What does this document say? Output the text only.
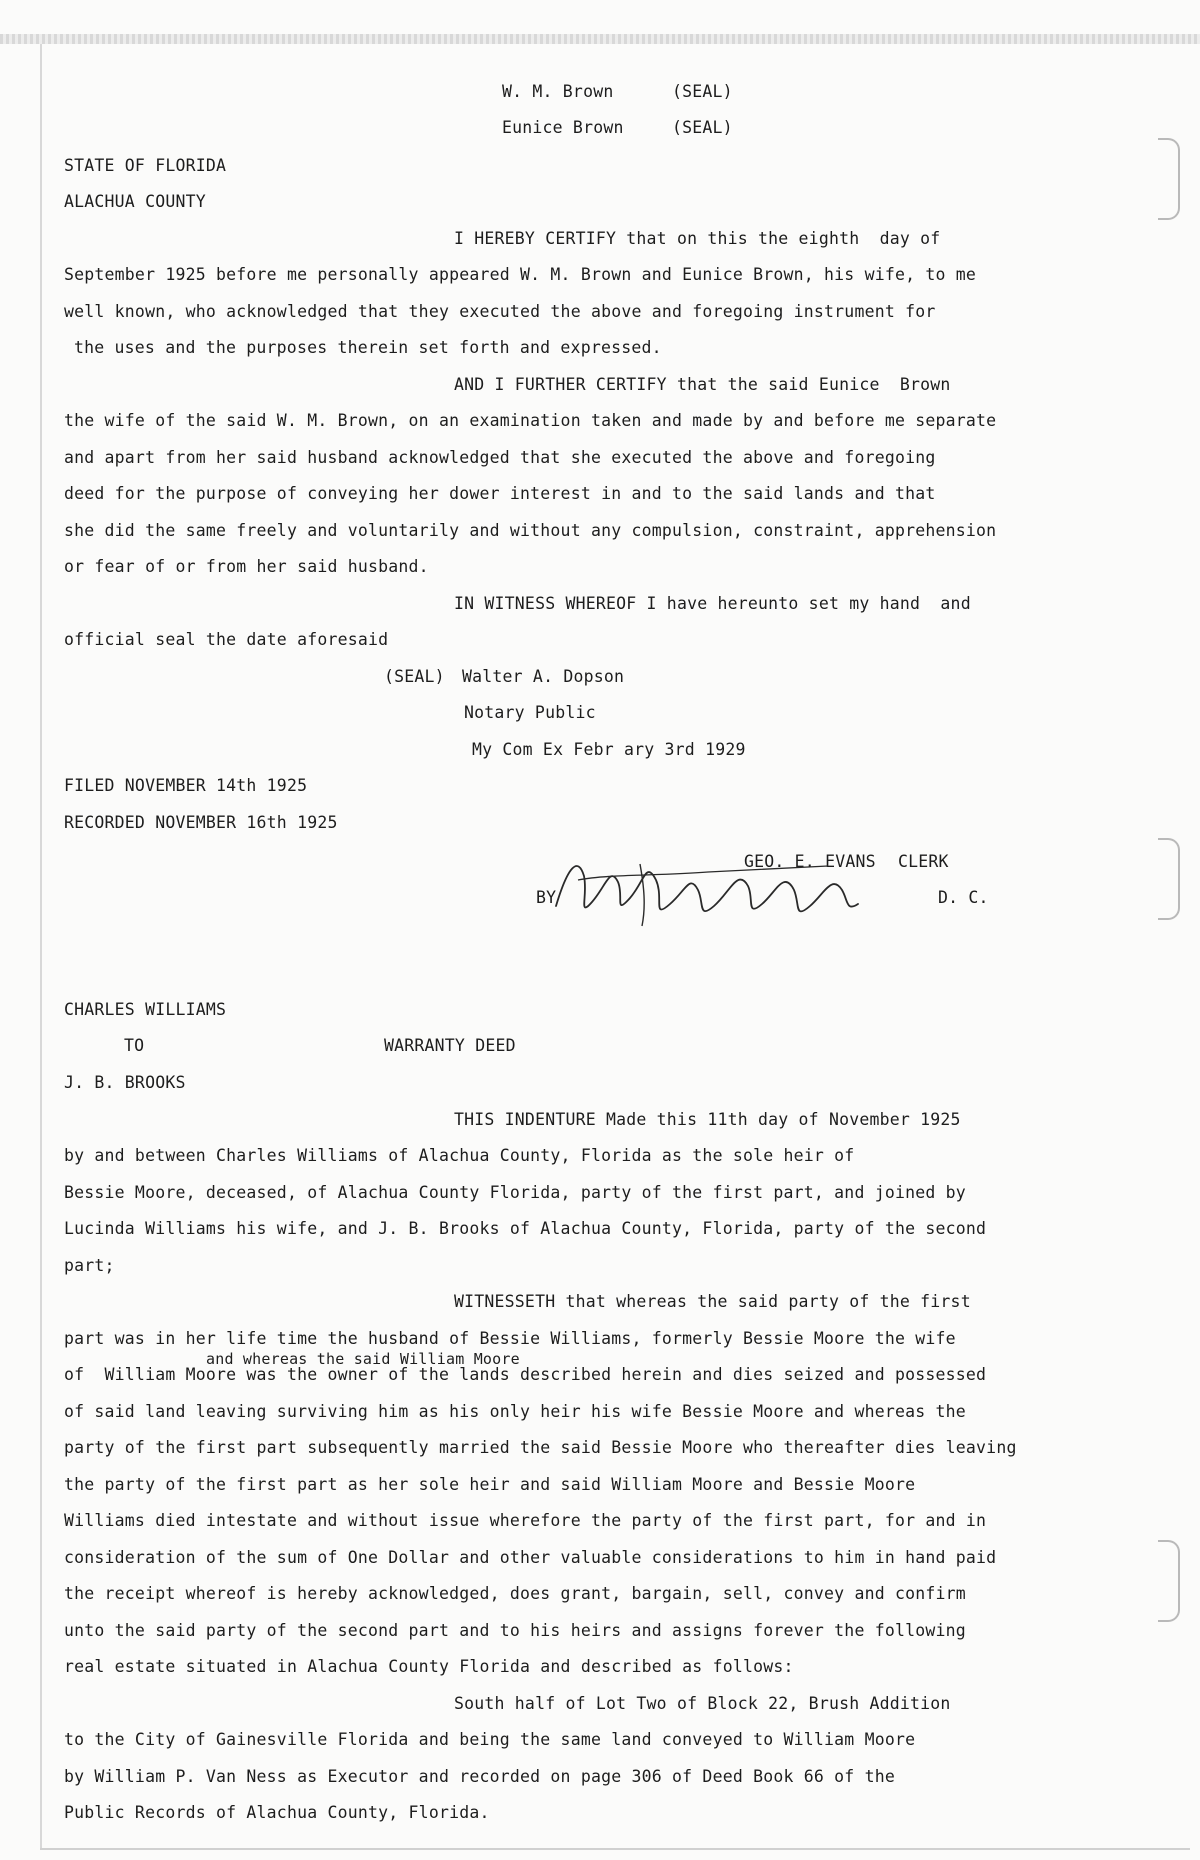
W. M. Brown	(SEAL)
Eunice Brown	(SEAL)
STATE OF FLORIDA
ALACHUA COUNTY
I HEREBY CERTIFY that on this the eighth  day of
September 1925 before me personally appeared W. M. Brown and Eunice Brown, his wife, to me
well known, who acknowledged that they executed the above and foregoing instrument for
the uses and the purposes therein set forth and expressed.
AND I FURTHER CERTIFY that the said Eunice  Brown
the wife of the said W. M. Brown, on an examination taken and made by and before me separate
and apart from her said husband acknowledged that she executed the above and foregoing
deed for the purpose of conveying her dower interest in and to the said lands and that
she did the same freely and voluntarily and without any compulsion, constraint, apprehension
or fear of or from her said husband.
IN WITNESS WHEREOF I have hereunto set my hand  and
official seal the date aforesaid
(SEAL) Walter A. Dopson
Notary Public
My Com Ex Febr ary 3rd 1929
FILED NOVEMBER 14th 1925
RECORDED NOVEMBER 16th 1925
GEO. E. EVANS CLERK
BY	D. C.
CHARLES WILLIAMS
TO	WARRANTY DEED
J. B. BROOKS
THIS INDENTURE Made this 11th day of November 1925
by and between Charles Williams of Alachua County, Florida as the sole heir of
Bessie Moore, deceased, of Alachua County Florida, party of the first part, and joined by
Lucinda Williams his wife, and J. B. Brooks of Alachua County, Florida, party of the second
part;
WITNESSETH that whereas the said party of the first
part was in her life time the husband of Bessie Williams, formerly Bessie Moore the wife
and whereas the said William Moore
of  William Moore was the owner of the lands described herein and dies seized and possessed
of said land leaving surviving him as his only heir his wife Bessie Moore and whereas the
party of the first part subsequently married the said Bessie Moore who thereafter dies leaving
the party of the first part as her sole heir and said William Moore and Bessie Moore
Williams died intestate and without issue wherefore the party of the first part, for and in
consideration of the sum of One Dollar and other valuable considerations to him in hand paid
the receipt whereof is hereby acknowledged, does grant, bargain, sell, convey and confirm
unto the said party of the second part and to his heirs and assigns forever the following
real estate situated in Alachua County Florida and described as follows:
South half of Lot Two of Block 22, Brush Addition
to the City of Gainesville Florida and being the same land conveyed to William Moore
by William P. Van Ness as Executor and recorded on page 306 of Deed Book 66 of the
Public Records of Alachua County, Florida.
